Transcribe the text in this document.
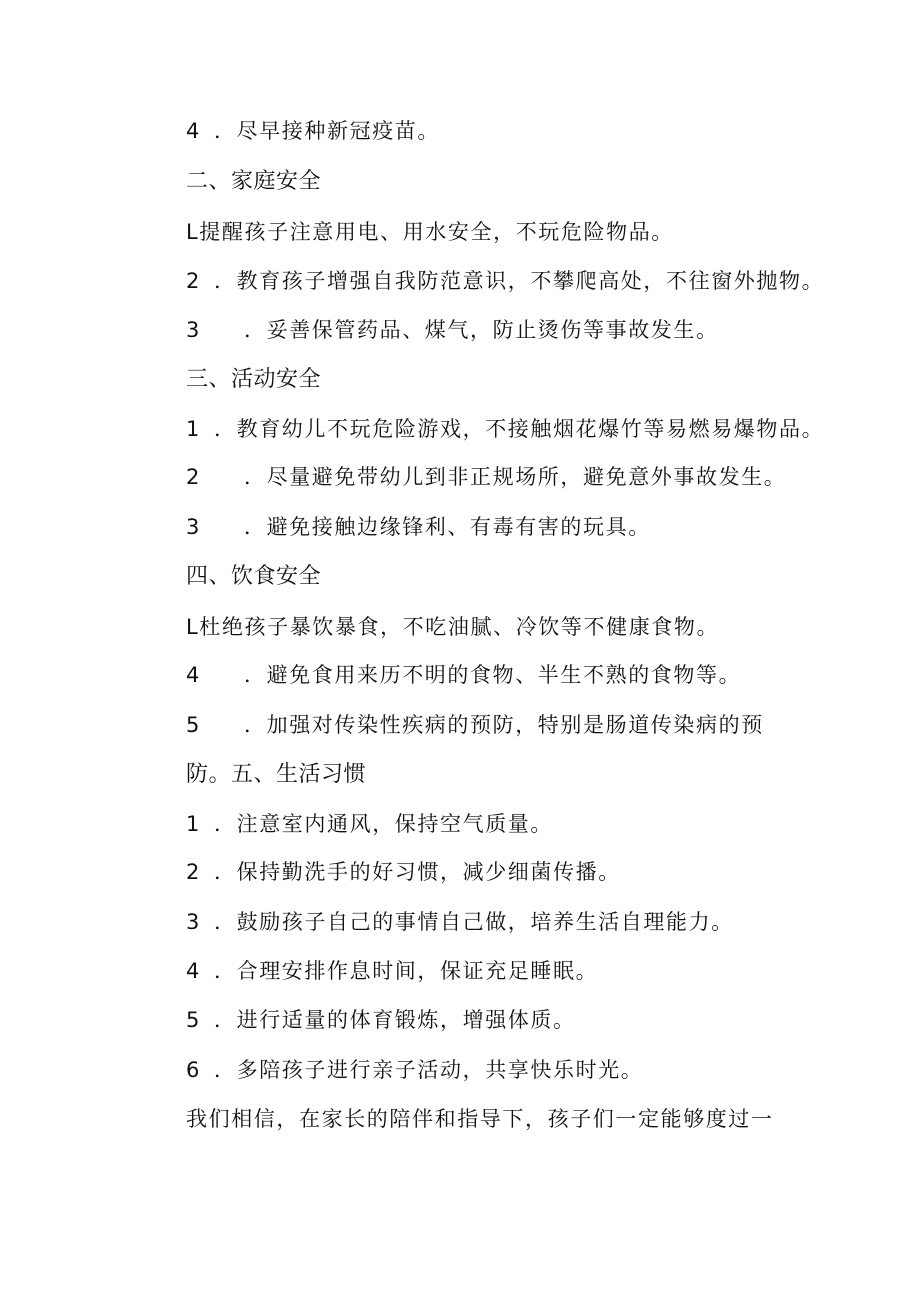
4 ．尽早接种新冠疫苗。
二、家庭安全
L提醒孩子注意用电、用水安全，不玩危险物品。
2 ．教育孩子增强自我防范意识，不攀爬高处，不往窗外抛物。
3 ．妥善保管药品、煤气，防止烫伤等事故发生。
三、活动安全
1 ．教育幼儿不玩危险游戏，不接触烟花爆竹等易燃易爆物品。
2 ．尽量避免带幼儿到非正规场所，避免意外事故发生。
3 ．避免接触边缘锋利、有毒有害的玩具。
四、饮食安全
L杜绝孩子暴饮暴食，不吃油腻、冷饮等不健康食物。
4 ．避免食用来历不明的食物、半生不熟的食物等。
5 ．加强对传染性疾病的预防，特别是肠道传染病的预
防。五、生活习惯
1 ．注意室内通风，保持空气质量。
2 ．保持勤洗手的好习惯，减少细菌传播。
3 ．鼓励孩子自己的事情自己做，培养生活自理能力。
4 ．合理安排作息时间，保证充足睡眠。
5 ．进行适量的体育锻炼，增强体质。
6 ．多陪孩子进行亲子活动，共享快乐时光。
我们相信，在家长的陪伴和指导下，孩子们一定能够度过一
